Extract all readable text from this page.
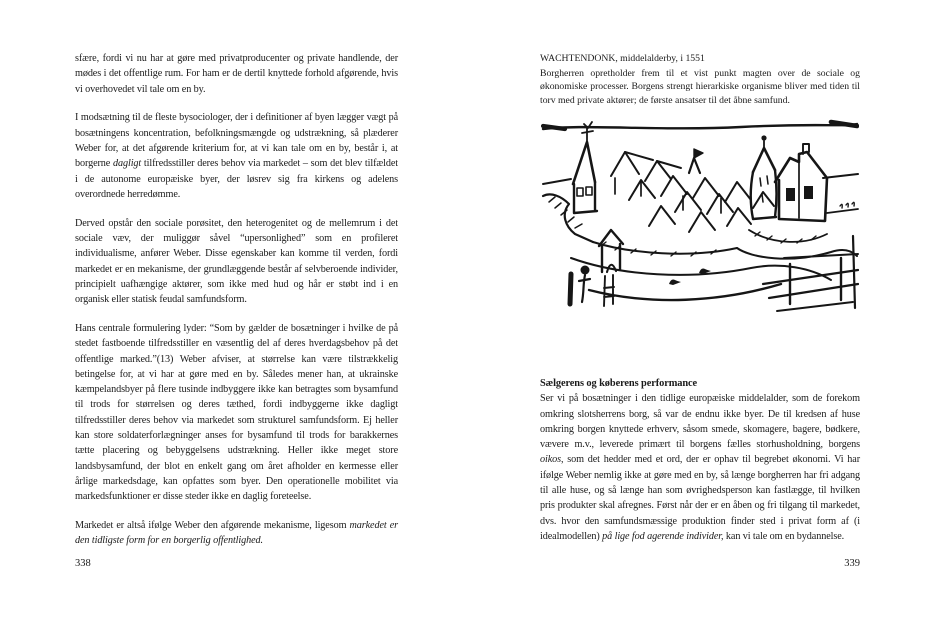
sfære, fordi vi nu har at gøre med privatproducenter og private handlende, der mødes i det offentlige rum. For ham er de dertil knyttede forhold afgørende, hvis vi overhovedet vil tale om en by.

I modsætning til de fleste bysociologer, der i definitioner af byen lægger vægt på bosætningens koncentration, befolkningsmængde og udstrækning, så plæderer Weber for, at det afgørende kriterium for, at vi kan tale om en by, består i, at borgerne dagligt tilfredsstiller deres behov via markedet – som det blev tilfældet i de autonome europæiske byer, der løsrev sig fra kirkens og adelens overordnede herredømme.

Derved opstår den sociale porøsitet, den heterogenitet og de mellemrum i det sociale væv, der muliggør såvel “upersonlighed” som en profileret individualisme, anfører Weber. Disse egenskaber kan komme til verden, fordi markedet er en mekanisme, der grundlæggende består af selvberoende individer, principielt uafhængige aktører, som ikke med hud og hår er støbt ind i en organisk eller statisk feudal samfundsform.

Hans centrale formulering lyder: “Som by gælder de bosætninger i hvilke de på stedet fastboende tilfredsstiller en væsentlig del af deres hverdagsbehov på det offentlige marked.”(13) Weber afviser, at størrelse kan være tilstrækkelig betingelse for, at vi har at gøre med en by. Således mener han, at ukrainske kæmpelandsbyer på flere tusinde indbyggere ikke kan betragtes som bysamfund til trods for størrelsen og deres tæthed, fordi indbyggerne ikke dagligt tilfredsstiller deres behov via markedet som strukturel samfundsform. Ej heller kan store soldaterforlægninger anses for bysamfund til trods for barakkernes tætte placering og bebyggelsens udstrækning. Heller ikke meget store landsbysamfund, der blot en enkelt gang om året afholder en kermesse eller årlige markedsdage, kan opfattes som byer. Den operationelle mobilitet via markedsfunktioner er disse steder ikke en daglig foreteelse.

Markedet er altså ifølge Weber den afgørende mekanisme, ligesom markedet er den tidligste form for en borgerlig offentlighed.

338
WACHTENDONK, middelalderby, i 1551
Borgherren opretholder frem til et vist punkt magten over de sociale og økonomiske processer. Borgens strengt hierarkiske organisme bliver med tiden til torv med private aktører; de første ansatser til det åbne samfund.
Sælgerens og køberens performance

Ser vi på bosætninger i den tidlige europæiske middelalder, som de forekom omkring slotsherrens borg, så var de endnu ikke byer. De til kredsen af huse omkring borgen knyttede erhverv, såsom smede, skomagere, bagere, bødkere, vævere m.v., leverede primært til borgens fælles storhusholdning, borgens oikos, som det hedder med et ord, der er ophav til begrebet økonomi. Vi har ifølge Weber nemlig ikke at gøre med en by, så længe borgherren har fri adgang til alle huse, og så længe han som øvrighedsperson kan fastlægge, til hvilken pris produkter skal afregnes. Først når der er en åben og fri tilgang til markedet, dvs. hvor den samfundsmæssige produktion finder sted i privat form af (i idealmodellen) på lige fod agerende individer, kan vi tale om en bydannelse.

339
